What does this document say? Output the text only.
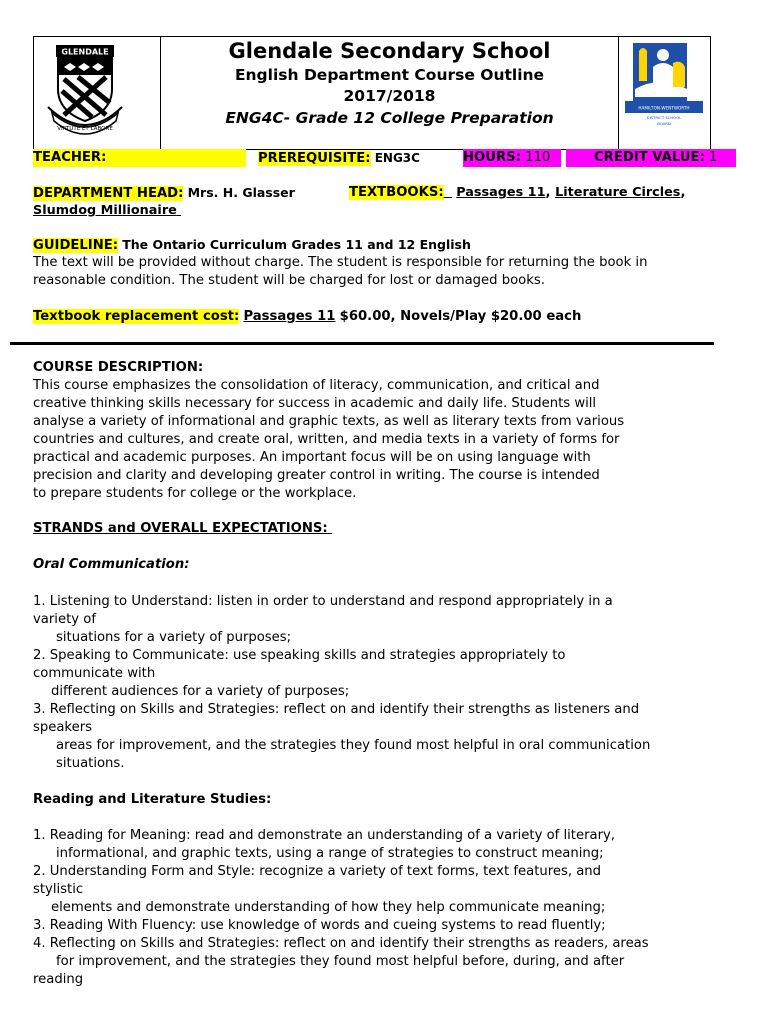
GLENDALE
VIRTUTE ET LABORE
Glendale Secondary School
English Department Course Outline
2017/2018
ENG4C- Grade 12 College Preparation
HAMILTON-WENTWORTH
DISTRICT SCHOOL
BOARD
TEACHER:	PREREQUISITE: ENG3C	HOURS: 110	CREDIT VALUE: 1
DEPARTMENT HEAD: Mrs. H. Glasser	TEXTBOOKS: Passages 11, Literature Circles,
Slumdog Millionaire
GUIDELINE: The Ontario Curriculum Grades 11 and 12 English
The text will be provided without charge. The student is responsible for returning the book in
reasonable condition. The student will be charged for lost or damaged books.
Textbook replacement cost: Passages 11 $60.00, Novels/Play $20.00 each
COURSE DESCRIPTION:
This course emphasizes the consolidation of literacy, communication, and critical and
creative thinking skills necessary for success in academic and daily life. Students will
analyse a variety of informational and graphic texts, as well as literary texts from various
countries and cultures, and create oral, written, and media texts in a variety of forms for
practical and academic purposes. An important focus will be on using language with
precision and clarity and developing greater control in writing. The course is intended
to prepare students for college or the workplace.
STRANDS and OVERALL EXPECTATIONS:
Oral Communication:
1. Listening to Understand: listen in order to understand and respond appropriately in a
variety of
situations for a variety of purposes;
2. Speaking to Communicate: use speaking skills and strategies appropriately to
communicate with
different audiences for a variety of purposes;
3. Reflecting on Skills and Strategies: reflect on and identify their strengths as listeners and
speakers
areas for improvement, and the strategies they found most helpful in oral communication
situations.
Reading and Literature Studies:
1. Reading for Meaning: read and demonstrate an understanding of a variety of literary,
informational, and graphic texts, using a range of strategies to construct meaning;
2. Understanding Form and Style: recognize a variety of text forms, text features, and
stylistic
elements and demonstrate understanding of how they help communicate meaning;
3. Reading With Fluency: use knowledge of words and cueing systems to read fluently;
4. Reflecting on Skills and Strategies: reflect on and identify their strengths as readers, areas
for improvement, and the strategies they found most helpful before, during, and after
reading
